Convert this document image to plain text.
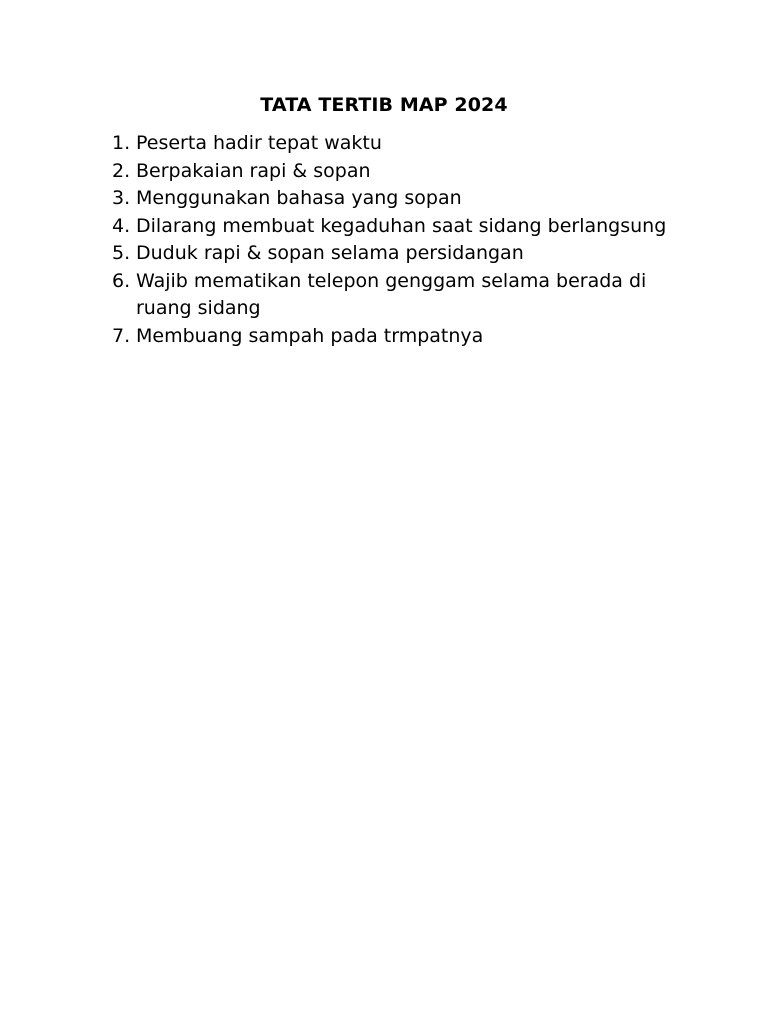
TATA TERTIB MAP 2024
1. Peserta hadir tepat waktu
2. Berpakaian rapi & sopan
3. Menggunakan bahasa yang sopan
4. Dilarang membuat kegaduhan saat sidang berlangsung
5. Duduk rapi & sopan selama persidangan
6. Wajib mematikan telepon genggam selama berada di ruang sidang
7. Membuang sampah pada trmpatnya
